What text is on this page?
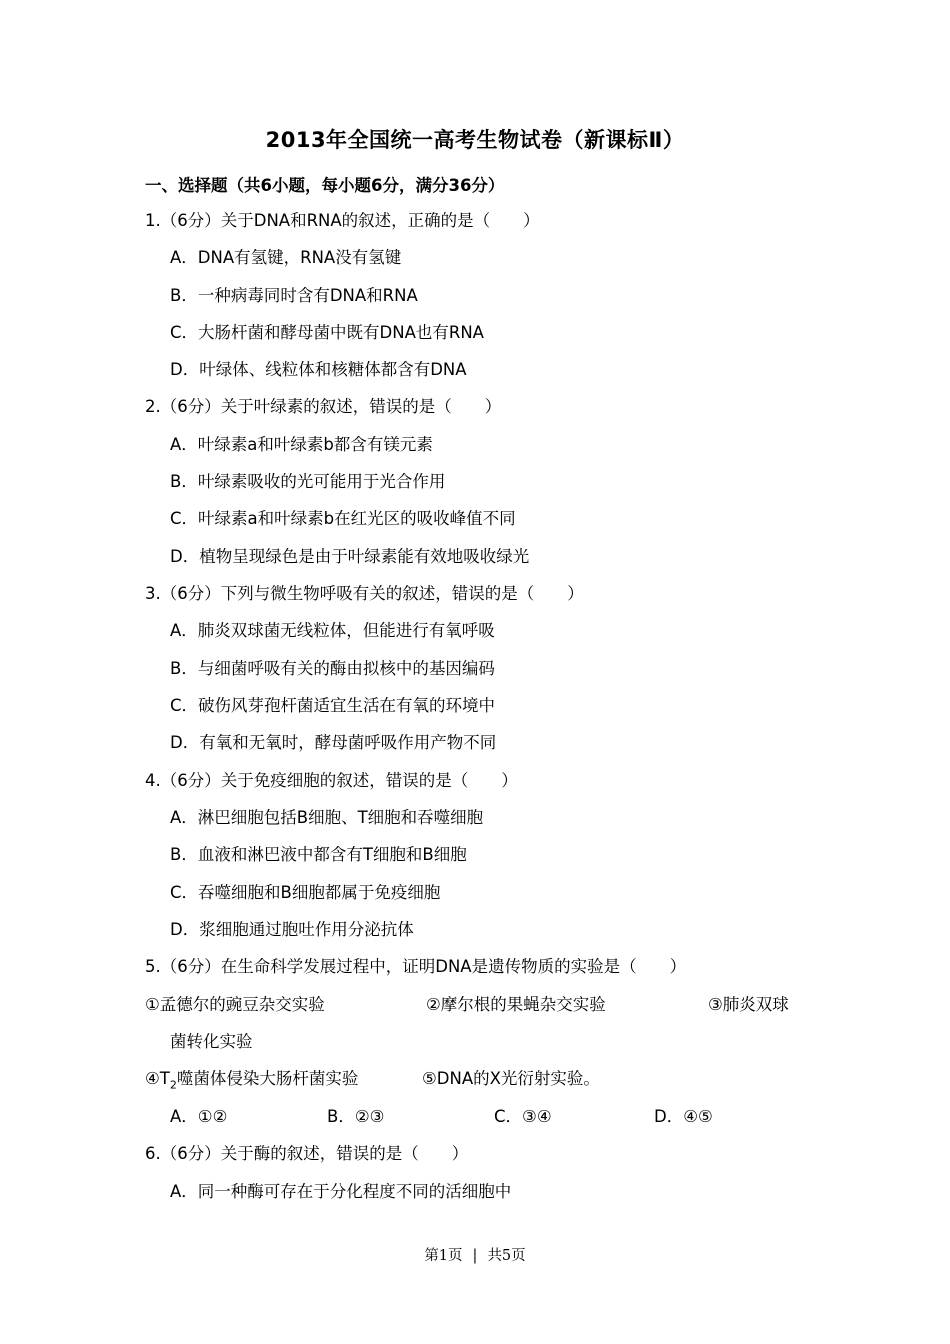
2013年全国统一高考生物试卷（新课标Ⅱ）
一、选择题（共6小题，每小题6分，满分36分）
1.（6分）关于DNA和RNA的叙述，正确的是（　　）
A．DNA有氢键，RNA没有氢键
B．一种病毒同时含有DNA和RNA
C．大肠杆菌和酵母菌中既有DNA也有RNA
D．叶绿体、线粒体和核糖体都含有DNA
2.（6分）关于叶绿素的叙述，错误的是（　　）
A．叶绿素a和叶绿素b都含有镁元素
B．叶绿素吸收的光可能用于光合作用
C．叶绿素a和叶绿素b在红光区的吸收峰值不同
D．植物呈现绿色是由于叶绿素能有效地吸收绿光
3.（6分）下列与微生物呼吸有关的叙述，错误的是（　　）
A．肺炎双球菌无线粒体，但能进行有氧呼吸
B．与细菌呼吸有关的酶由拟核中的基因编码
C．破伤风芽孢杆菌适宜生活在有氧的环境中
D．有氧和无氧时，酵母菌呼吸作用产物不同
4.（6分）关于免疫细胞的叙述，错误的是（　　）
A．淋巴细胞包括B细胞、T细胞和吞噬细胞
B．血液和淋巴液中都含有T细胞和B细胞
C．吞噬细胞和B细胞都属于免疫细胞
D．浆细胞通过胞吐作用分泌抗体
5.（6分）在生命科学发展过程中，证明DNA是遗传物质的实验是（　　）
①孟德尔的豌豆杂交实验	②摩尔根的果蝇杂交实验	③肺炎双球
菌转化实验
$④T_2$噬菌体侵染大肠杆菌实验	⑤DNA的X光衍射实验。
A．①②	B．②③	C．③④	D．④⑤
6.（6分）关于酶的叙述，错误的是（　　）
A．同一种酶可存在于分化程度不同的活细胞中
第1页 | 共5页
